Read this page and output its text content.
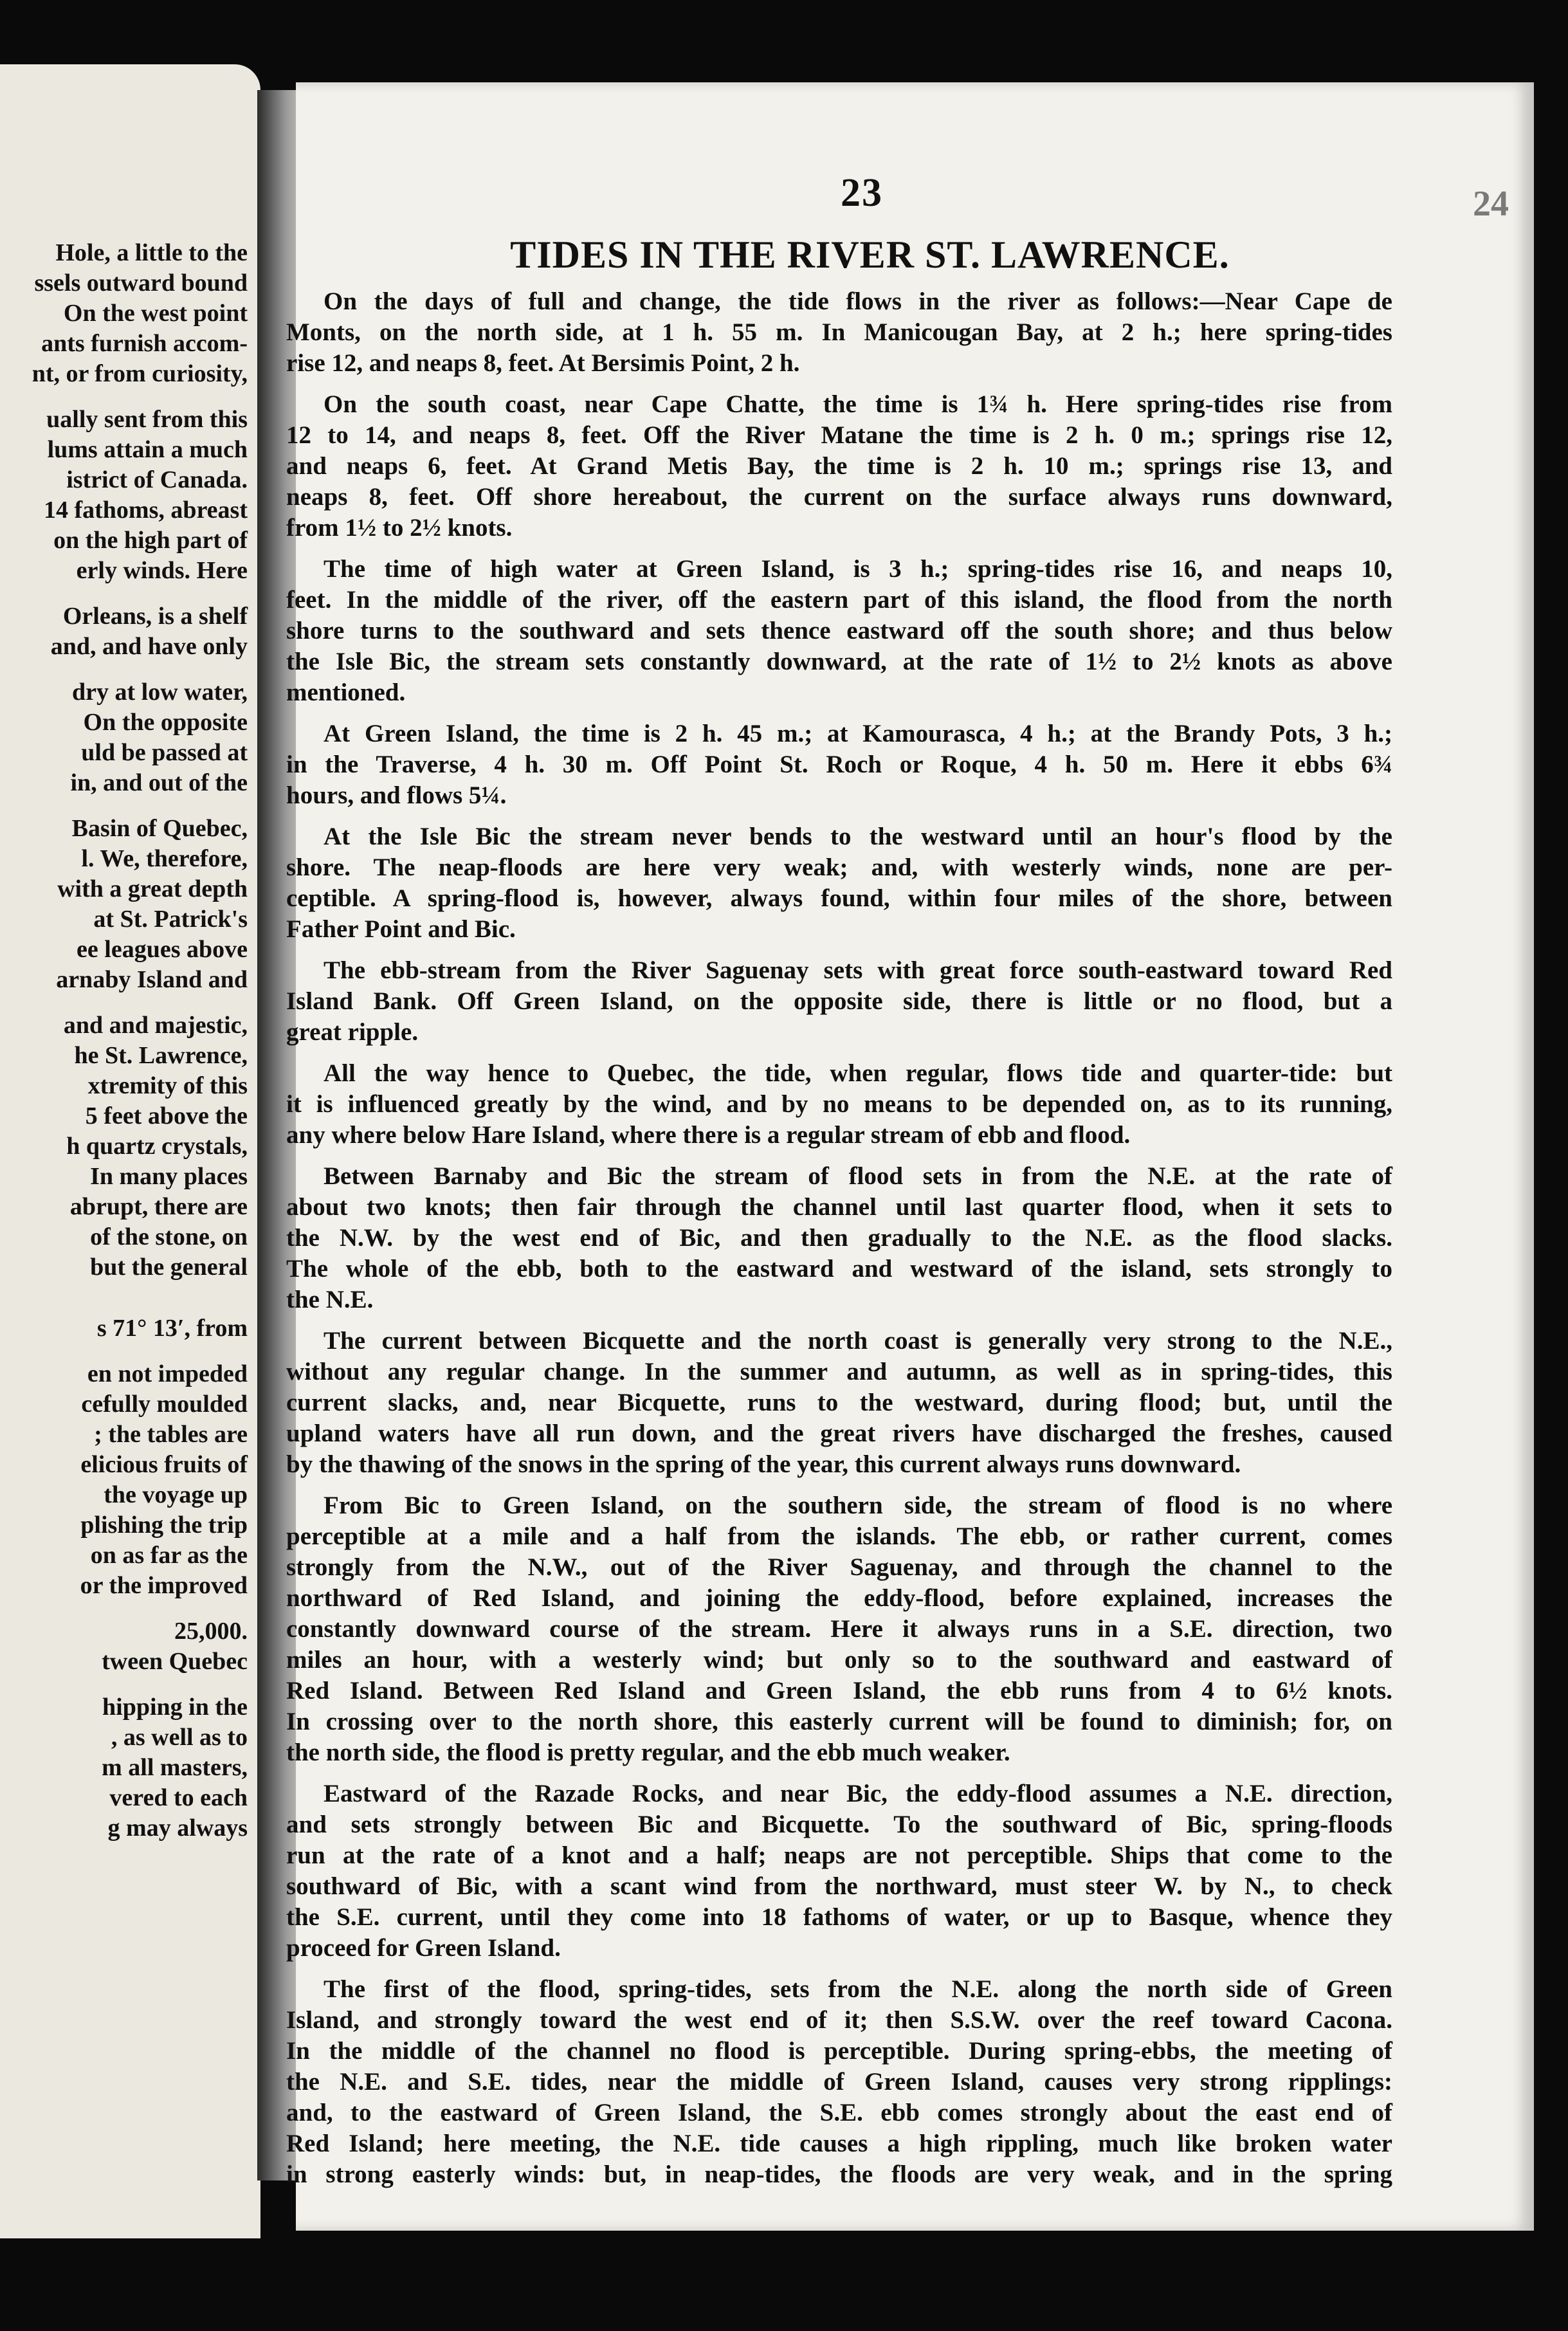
Hole, a little to the
ssels outward bound
On the west point
ants furnish accom-
nt, or from curiosity,
ually sent from this
lums attain a much
istrict of Canada.
14 fathoms, abreast
on the high part of
erly winds. Here
Orleans, is a shelf
and, and have only
dry at low water,
On the opposite
uld be passed at
in, and out of the
Basin of Quebec,
l. We, therefore,
with a great depth
at St. Patrick's
ee leagues above
arnaby Island and
and and majestic,
he St. Lawrence,
xtremity of this
5 feet above the
h quartz crystals,
In many places
abrupt, there are
of the stone, on
but the general
s 71° 13′, from
en not impeded
cefully moulded
; the tables are
elicious fruits of
the voyage up
plishing the trip
on as far as the
or the improved
25,000.
tween Quebec
hipping in the
, as well as to
m all masters,
vered to each
g may always
23	24
TIDES IN THE RIVER ST. LAWRENCE.
On the days of full and change, the tide flows in the river as follows:—Near Cape de
Monts, on the north side, at 1 h. 55 m. In Manicougan Bay, at 2 h.; here spring-tides
rise 12, and neaps 8, feet. At Bersimis Point, 2 h.
On the south coast, near Cape Chatte, the time is 1¾ h. Here spring-tides rise from
12 to 14, and neaps 8, feet. Off the River Matane the time is 2 h. 0 m.; springs rise 12,
and neaps 6, feet. At Grand Metis Bay, the time is 2 h. 10 m.; springs rise 13, and
neaps 8, feet. Off shore hereabout, the current on the surface always runs downward,
from 1½ to 2½ knots.
The time of high water at Green Island, is 3 h.; spring-tides rise 16, and neaps 10,
feet. In the middle of the river, off the eastern part of this island, the flood from the north
shore turns to the southward and sets thence eastward off the south shore; and thus below
the Isle Bic, the stream sets constantly downward, at the rate of 1½ to 2½ knots as above
mentioned.
At Green Island, the time is 2 h. 45 m.; at Kamourasca, 4 h.; at the Brandy Pots, 3 h.;
in the Traverse, 4 h. 30 m. Off Point St. Roch or Roque, 4 h. 50 m. Here it ebbs 6¾
hours, and flows 5¼.
At the Isle Bic the stream never bends to the westward until an hour's flood by the
shore. The neap-floods are here very weak; and, with westerly winds, none are per-
ceptible. A spring-flood is, however, always found, within four miles of the shore, between
Father Point and Bic.
The ebb-stream from the River Saguenay sets with great force south-eastward toward Red
Island Bank. Off Green Island, on the opposite side, there is little or no flood, but a
great ripple.
All the way hence to Quebec, the tide, when regular, flows tide and quarter-tide: but
it is influenced greatly by the wind, and by no means to be depended on, as to its running,
any where below Hare Island, where there is a regular stream of ebb and flood.
Between Barnaby and Bic the stream of flood sets in from the N.E. at the rate of
about two knots; then fair through the channel until last quarter flood, when it sets to
the N.W. by the west end of Bic, and then gradually to the N.E. as the flood slacks.
The whole of the ebb, both to the eastward and westward of the island, sets strongly to
the N.E.
The current between Bicquette and the north coast is generally very strong to the N.E.,
without any regular change. In the summer and autumn, as well as in spring-tides, this
current slacks, and, near Bicquette, runs to the westward, during flood; but, until the
upland waters have all run down, and the great rivers have discharged the freshes, caused
by the thawing of the snows in the spring of the year, this current always runs downward.
From Bic to Green Island, on the southern side, the stream of flood is no where
perceptible at a mile and a half from the islands. The ebb, or rather current, comes
strongly from the N.W., out of the River Saguenay, and through the channel to the
northward of Red Island, and joining the eddy-flood, before explained, increases the
constantly downward course of the stream. Here it always runs in a S.E. direction, two
miles an hour, with a westerly wind; but only so to the southward and eastward of
Red Island. Between Red Island and Green Island, the ebb runs from 4 to 6½ knots.
In crossing over to the north shore, this easterly current will be found to diminish; for, on
the north side, the flood is pretty regular, and the ebb much weaker.
Eastward of the Razade Rocks, and near Bic, the eddy-flood assumes a N.E. direction,
and sets strongly between Bic and Bicquette. To the southward of Bic, spring-floods
run at the rate of a knot and a half; neaps are not perceptible. Ships that come to the
southward of Bic, with a scant wind from the northward, must steer W. by N., to check
the S.E. current, until they come into 18 fathoms of water, or up to Basque, whence they
proceed for Green Island.
The first of the flood, spring-tides, sets from the N.E. along the north side of Green
Island, and strongly toward the west end of it; then S.S.W. over the reef toward Cacona.
In the middle of the channel no flood is perceptible. During spring-ebbs, the meeting of
the N.E. and S.E. tides, near the middle of Green Island, causes very strong ripplings:
and, to the eastward of Green Island, the S.E. ebb comes strongly about the east end of
Red Island; here meeting, the N.E. tide causes a high rippling, much like broken water
in strong easterly winds: but, in neap-tides, the floods are very weak, and in the spring
